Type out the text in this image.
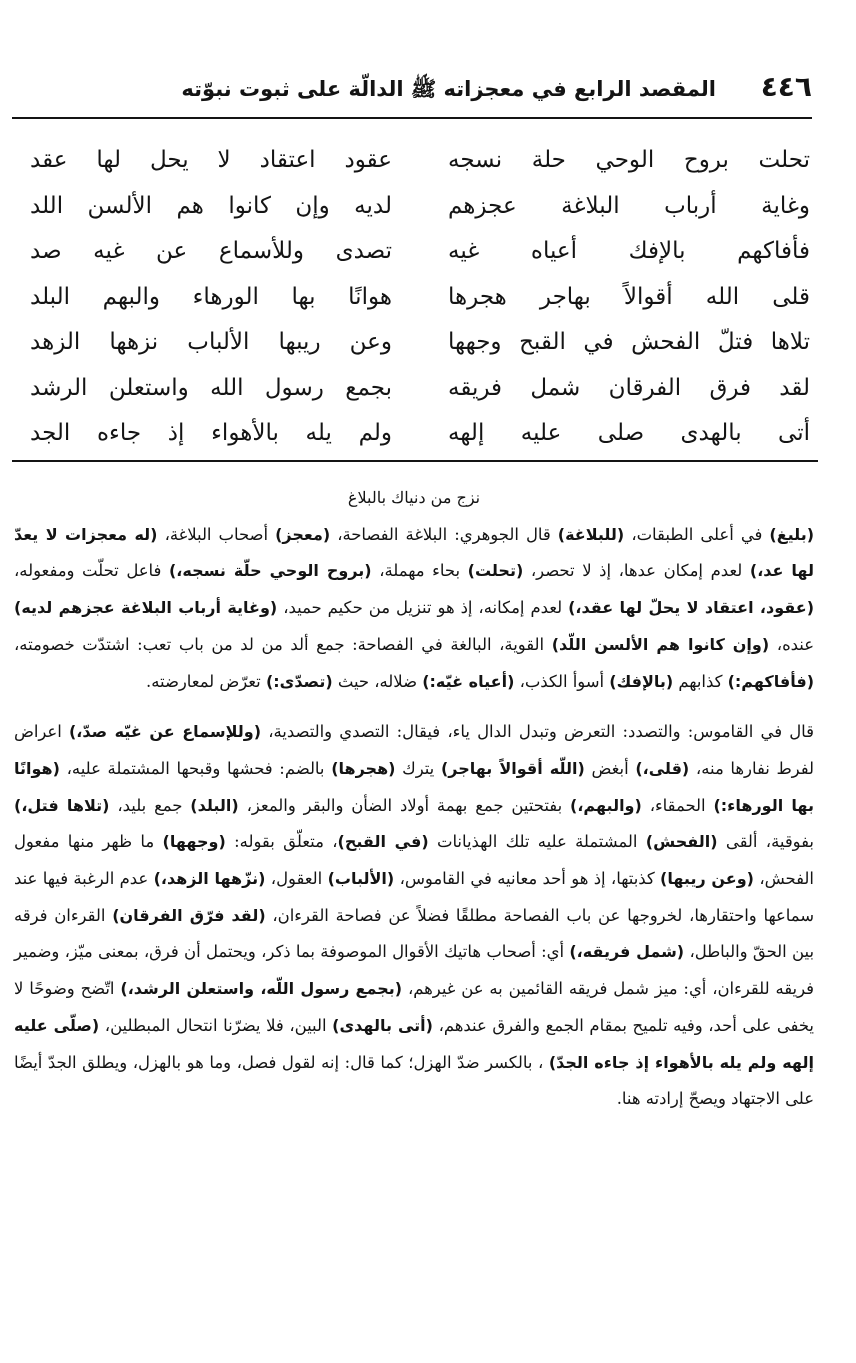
٤٤٦
المقصد الرابع في معجزاته ﷺ الدالّة على ثبوت نبوّته
تحلت بروح الوحي حلة نسجه
عقود اعتقاد لا يحل لها عقد
وغاية أرباب البلاغة عجزهم
لديه وإن كانوا هم الألسن اللد
فأفاكهم بالإفك أعياه غيه
تصدى وللأسماع عن غيه صد
قلى الله أقوالاً بهاجر هجرها
هوانًا بها الورهاء والبهم البلد
تلاها فتلّ الفحش في القبح وجهها
وعن ريبها الألباب نزهها الزهد
لقد فرق الفرقان شمل فريقه
بجمع رسول الله واستعلن الرشد
أتى بالهدى صلى عليه إلهه
ولم يله بالأهواء إذ جاءه الجد

نزج من دنياك بالبلاغ

(بليغ) في أعلى الطبقات، (للبلاغة) قال الجوهري: البلاغة الفصاحة، (معجز) أصحاب البلاغة، (له معجزات لا يعدّ لها عد،) لعدم إمكان عدها، إذ لا تحصر، (تحلت) بحاء مهملة، (بروح الوحي حلّة نسجه،) فاعل تحلّت ومفعوله، (عقود، اعتقاد لا يحلّ لها عقد،) لعدم إمكانه، إذ هو تنزيل من حكيم حميد، (وغاية أرباب البلاغة عجزهم لديه) عنده، (وإن كانوا هم الألسن اللّد) القوية، البالغة في الفصاحة: جمع ألد من لد من باب تعب: اشتدّت خصومته، (فأفاكهم:) كذابهم (بالإفك) أسوأ الكذب، (أعياه غيّه:) ضلاله، حيث (تصدّى:) تعرّض لمعارضته.

قال في القاموس: والتصدد: التعرض وتبدل الدال ياء، فيقال: التصدي والتصدية، (وللإسماع عن غيّه صدّ،) اعراض لفرط نفارها منه، (قلى،) أبغض (اللّه أقوالاً بهاجر) يترك (هجرها) بالضم: فحشها وقبحها المشتملة عليه، (هوانًا بها الورهاء:) الحمقاء، (والبهم،) بفتحتين جمع بهمة أولاد الضأن والبقر والمعز، (البلد) جمع بليد، (تلاها فتل،) بفوقية، ألقى (الفحش) المشتملة عليه تلك الهذيانات (في القبح)، متعلّق بقوله: (وجهها) ما ظهر منها مفعول الفحش، (وعن ريبها) كذبتها، إذ هو أحد معانيه في القاموس، (الألباب) العقول، (نزّهها الزهد،) عدم الرغبة فيها عند سماعها واحتقارها، لخروجها عن باب الفصاحة مطلقًا فضلاً عن فصاحة القرءان، (لقد فرّق الفرقان) القرءان فرقه بين الحقّ والباطل، (شمل فريقه،) أي: أصحاب هاتيك الأقوال الموصوفة بما ذكر، ويحتمل أن فرق، بمعنى ميّز، وضمير فريقه للقرءان، أي: ميز شمل فريقه القائمين به عن غيرهم، (بجمع رسول اللّه، واستعلن الرشد،) اتّضح وضوحًا لا يخفى على أحد، وفيه تلميح بمقام الجمع والفرق عندهم، (أتى بالهدى) البين، فلا يضرّنا انتحال المبطلين، (صلّى عليه إلهه ولم يله بالأهواء إذ جاءه الجدّ) ، بالكسر ضدّ الهزل؛ كما قال: إنه لقول فصل، وما هو بالهزل، ويطلق الجدّ أيضًا على الاجتهاد ويصحّ إرادته هنا.
